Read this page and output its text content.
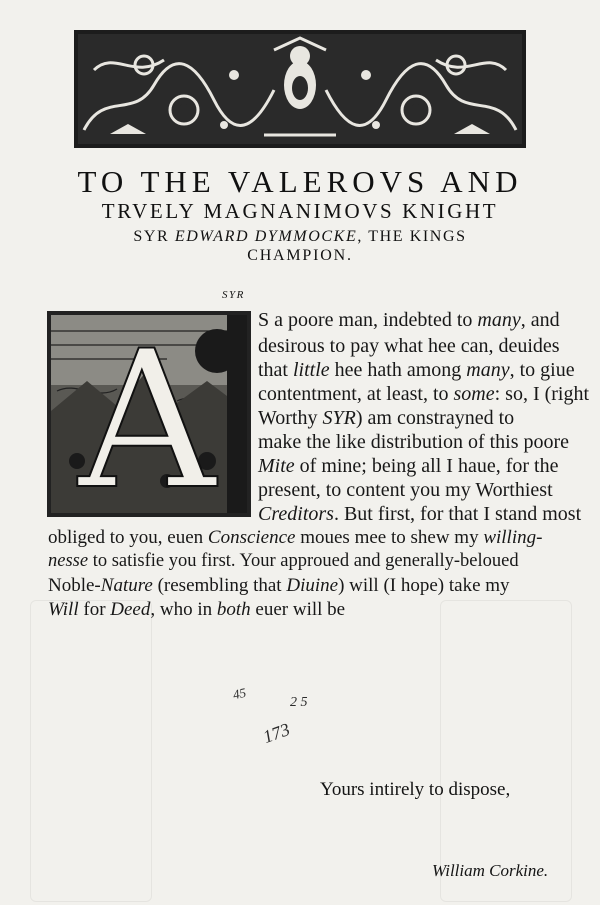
TO THE VALEROVS AND
TRVELY MAGNANIMOVS KNIGHT
SYR EDWARD DYMMOCKE, THE KINGS
CHAMPION.
SYR
A S a poore man, indebted to many, and
desirous to pay what hee can, deuides
that little hee hath among many, to giue
contentment, at least, to some: so, I (right
Worthy SYR) am constrayned to
make the like distribution of this poore
Mite of mine; being all I haue, for the
present, to content you my Worthiest
Creditors. But first, for that I stand most
obliged to you, euen Conscience moues mee to shew my willing-
nesse to satisfie you first. Your approued and generally-beloued
Noble-Nature (resembling that Diuine) will (I hope) take my
Will for Deed, who in both euer will be
45
2 5
173
Yours intirely to dispose,
William Corkine.
